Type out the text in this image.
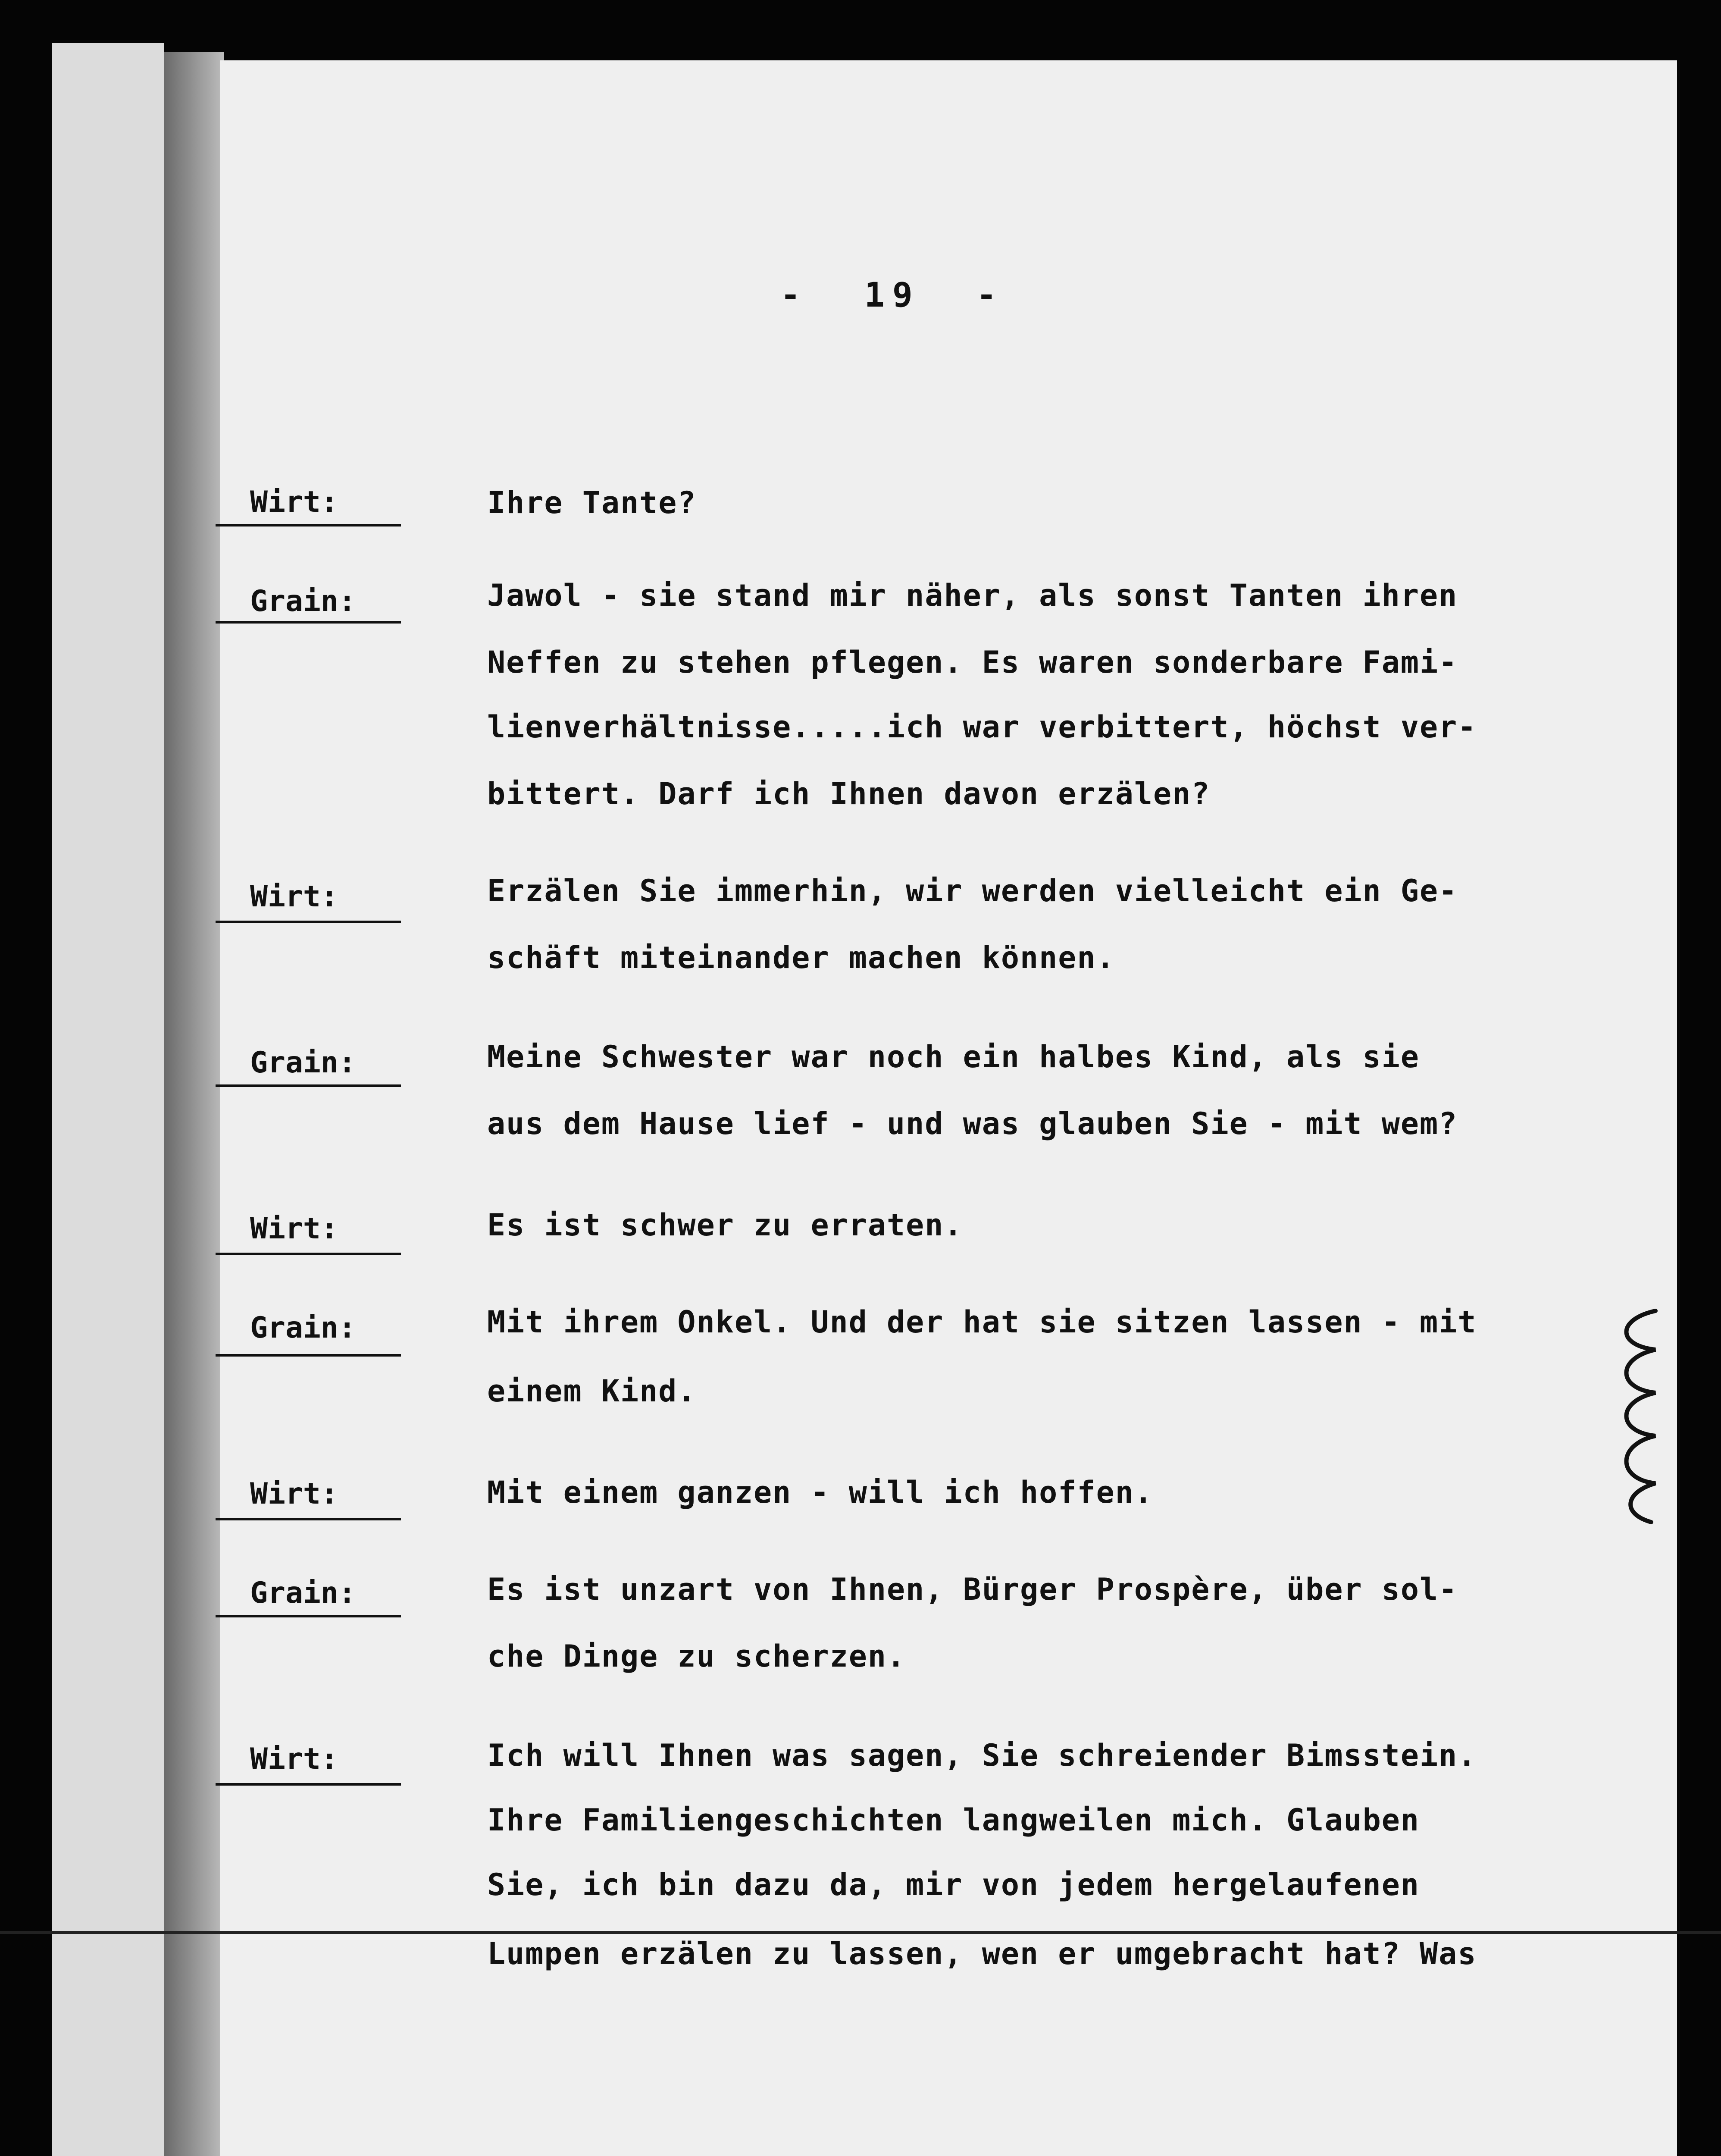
-  19  -
Wirt:	Ihre Tante?
Grain:	Jawol - sie stand mir näher, als sonst Tanten ihren
Neffen zu stehen pflegen. Es waren sonderbare Fami-
lienverhältnisse.....ich war verbittert, höchst ver-
bittert. Darf ich Ihnen davon erzälen?
Wirt:	Erzälen Sie immerhin, wir werden vielleicht ein Ge-
schäft miteinander machen können.
Grain:	Meine Schwester war noch ein halbes Kind, als sie
aus dem Hause lief - und was glauben Sie - mit wem?
Wirt:	Es ist schwer zu erraten.
Grain:	Mit ihrem Onkel. Und der hat sie sitzen lassen - mit
einem Kind.
Wirt:	Mit einem ganzen - will ich hoffen.
Grain:	Es ist unzart von Ihnen, Bürger Prospère, über sol-
che Dinge zu scherzen.
Wirt:	Ich will Ihnen was sagen, Sie schreiender Bimsstein.
Ihre Familiengeschichten langweilen mich. Glauben
Sie, ich bin dazu da, mir von jedem hergelaufenen
Lumpen erzälen zu lassen, wen er umgebracht hat? Was
